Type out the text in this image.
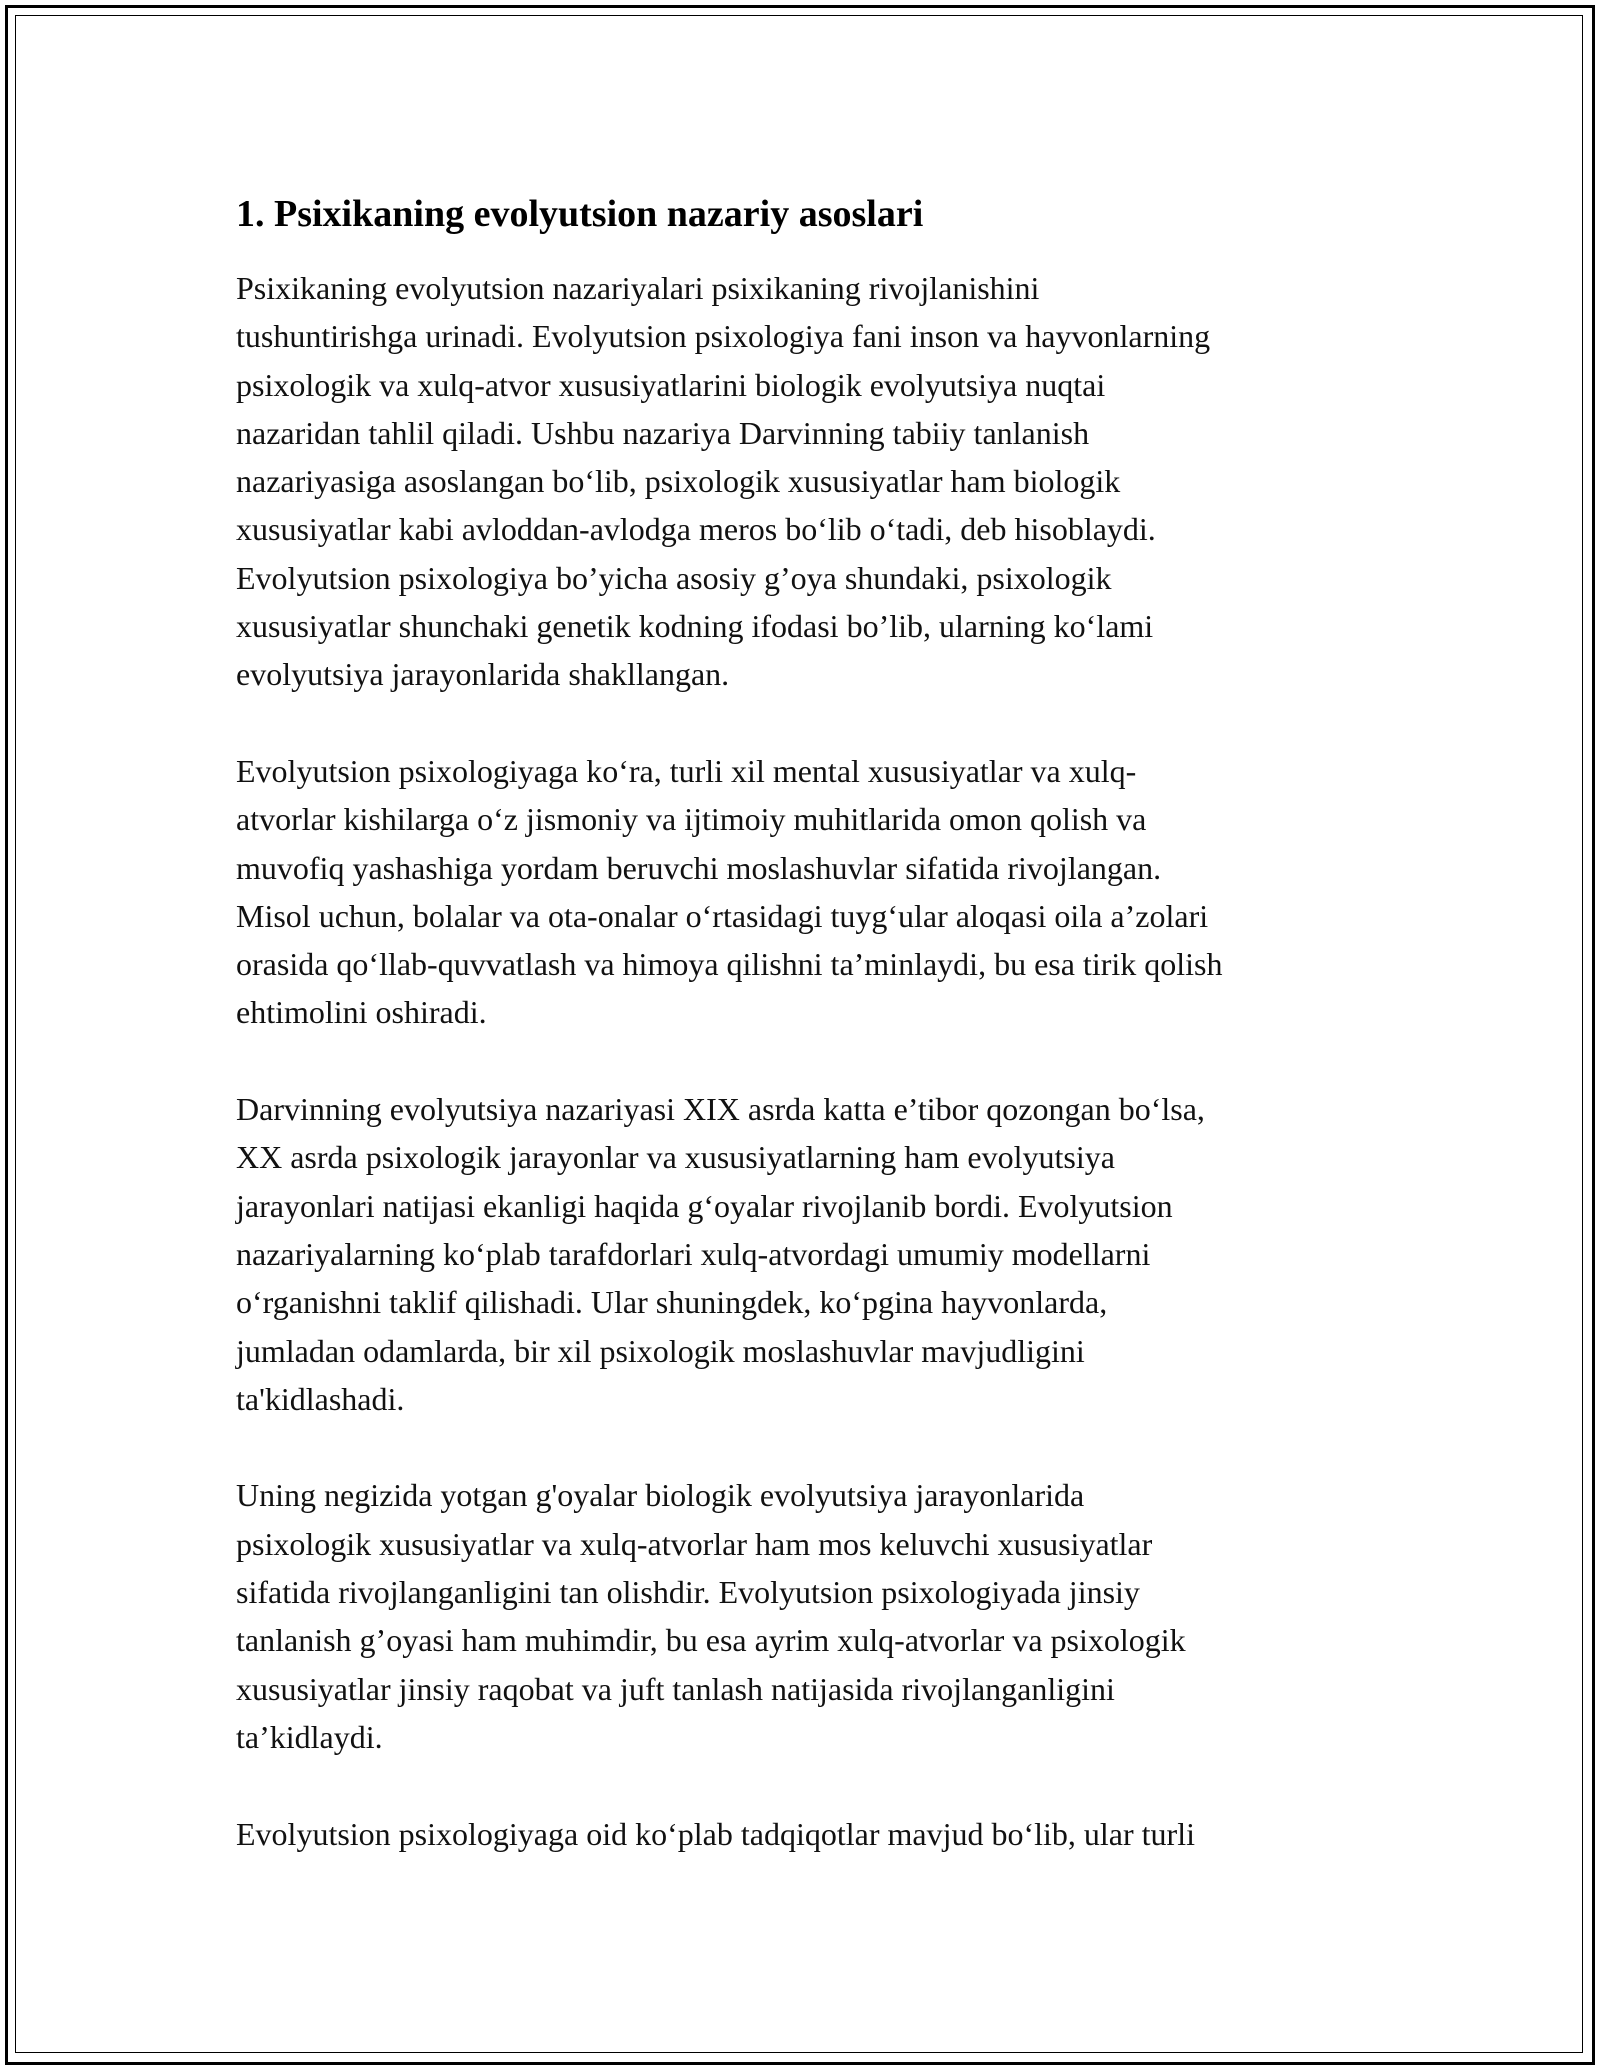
1. Psixikaning evolyutsion nazariy asoslari

Psixikaning evolyutsion nazariyalari psixikaning rivojlanishini
tushuntirishga urinadi. Evolyutsion psixologiya fani inson va hayvonlarning
psixologik va xulq-atvor xususiyatlarini biologik evolyutsiya nuqtai
nazaridan tahlil qiladi. Ushbu nazariya Darvinning tabiiy tanlanish
nazariyasiga asoslangan bo‘lib, psixologik xususiyatlar ham biologik
xususiyatlar kabi avloddan-avlodga meros bo‘lib o‘tadi, deb hisoblaydi.
Evolyutsion psixologiya bo’yicha asosiy g’oya shundaki, psixologik
xususiyatlar shunchaki genetik kodning ifodasi bo’lib, ularning ko‘lami
evolyutsiya jarayonlarida shakllangan.

Evolyutsion psixologiyaga ko‘ra, turli xil mental xususiyatlar va xulq-
atvorlar kishilarga o‘z jismoniy va ijtimoiy muhitlarida omon qolish va
muvofiq yashashiga yordam beruvchi moslashuvlar sifatida rivojlangan.
Misol uchun, bolalar va ota-onalar o‘rtasidagi tuyg‘ular aloqasi oila a’zolari
orasida qo‘llab-quvvatlash va himoya qilishni ta’minlaydi, bu esa tirik qolish
ehtimolini oshiradi.

Darvinning evolyutsiya nazariyasi XIX asrda katta e’tibor qozongan bo‘lsa,
XX asrda psixologik jarayonlar va xususiyatlarning ham evolyutsiya
jarayonlari natijasi ekanligi haqida g‘oyalar rivojlanib bordi. Evolyutsion
nazariyalarning ko‘plab tarafdorlari xulq-atvordagi umumiy modellarni
o‘rganishni taklif qilishadi. Ular shuningdek, ko‘pgina hayvonlarda,
jumladan odamlarda, bir xil psixologik moslashuvlar mavjudligini
ta'kidlashadi.

Uning negizida yotgan g'oyalar biologik evolyutsiya jarayonlarida
psixologik xususiyatlar va xulq-atvorlar ham mos keluvchi xususiyatlar
sifatida rivojlanganligini tan olishdir. Evolyutsion psixologiyada jinsiy
tanlanish g’oyasi ham muhimdir, bu esa ayrim xulq-atvorlar va psixologik
xususiyatlar jinsiy raqobat va juft tanlash natijasida rivojlanganligini
ta’kidlaydi.

Evolyutsion psixologiyaga oid ko‘plab tadqiqotlar mavjud bo‘lib, ular turli
